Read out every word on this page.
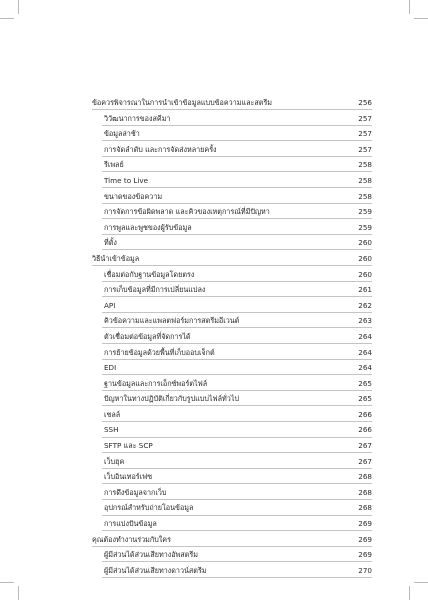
ข้อควรพิจารณาในการนำเข้าข้อมูลแบบข้อความและสตรีม	256
วิวัฒนาการของสคีมา	257
ข้อมูลล่าช้า	257
การจัดลำดับ และการจัดส่งหลายครั้ง	257
รีเพลย์	258
Time to Live	258
ขนาดของข้อความ	258
การจัดการข้อผิดพลาด และคิวของเหตุการณ์ที่มีปัญหา	259
การพูลและพูชของผู้รับข้อมูล	259
ที่ตั้ง	260
วิธีนำเข้าข้อมูล	260
เชื่อมต่อกับฐานข้อมูลโดยตรง	260
การเก็บข้อมูลที่มีการเปลี่ยนแปลง	261
API	262
คิวข้อความและแพลตฟอร์มการสตรีมอีเวนต์	263
ตัวเชื่อมต่อข้อมูลที่จัดการได้	264
การย้ายข้อมูลด้วยพื้นที่เก็บออบเจ็กต์	264
EDI	264
ฐานข้อมูลและการเอ็กซ์พอร์ตไฟล์	265
ปัญหาในทางปฏิบัติเกี่ยวกับรูปแบบไฟล์ทั่วไป	265
เชลล์	266
SSH	266
SFTP และ SCP	267
เว็บฮุค	267
เว็บอินเทอร์เฟซ	268
การดึงข้อมูลจากเว็บ	268
อุปกรณ์สำหรับถ่ายโอนข้อมูล	268
การแบ่งปันข้อมูล	269
คุณต้องทำงานร่วมกับใคร	269
ผู้มีส่วนได้ส่วนเสียทางอัพสตรีม	269
ผู้มีส่วนได้ส่วนเสียทางดาวน์สตรีม	270
